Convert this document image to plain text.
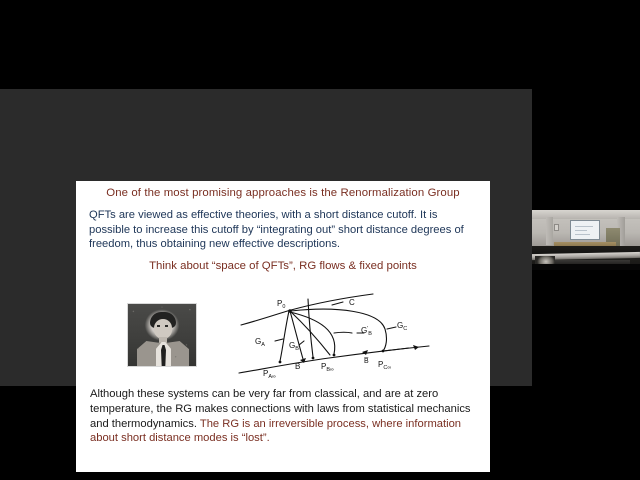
One of the most promising approaches is the Renormalization Group
QFTs are viewed as effective theories, with a short distance cutoff. It is possible to increase this cutoff by “integrating out” short distance degrees of freedom, thus obtaining new effective descriptions.
Think about “space of QFTs”, RG flows & fixed points
$P_0$	C
$G_A$	$G_B$
$G'_B$
$G_C$
$P_{A\infty}$
B	$P_{B\infty}$
B̅ $P_{C\infty}$
Although these systems can be very far from classical, and are at zero temperature, the RG makes connections with laws from statistical mechanics and thermodynamics. The RG is an irreversible process, where information about short distance modes is “lost”.
